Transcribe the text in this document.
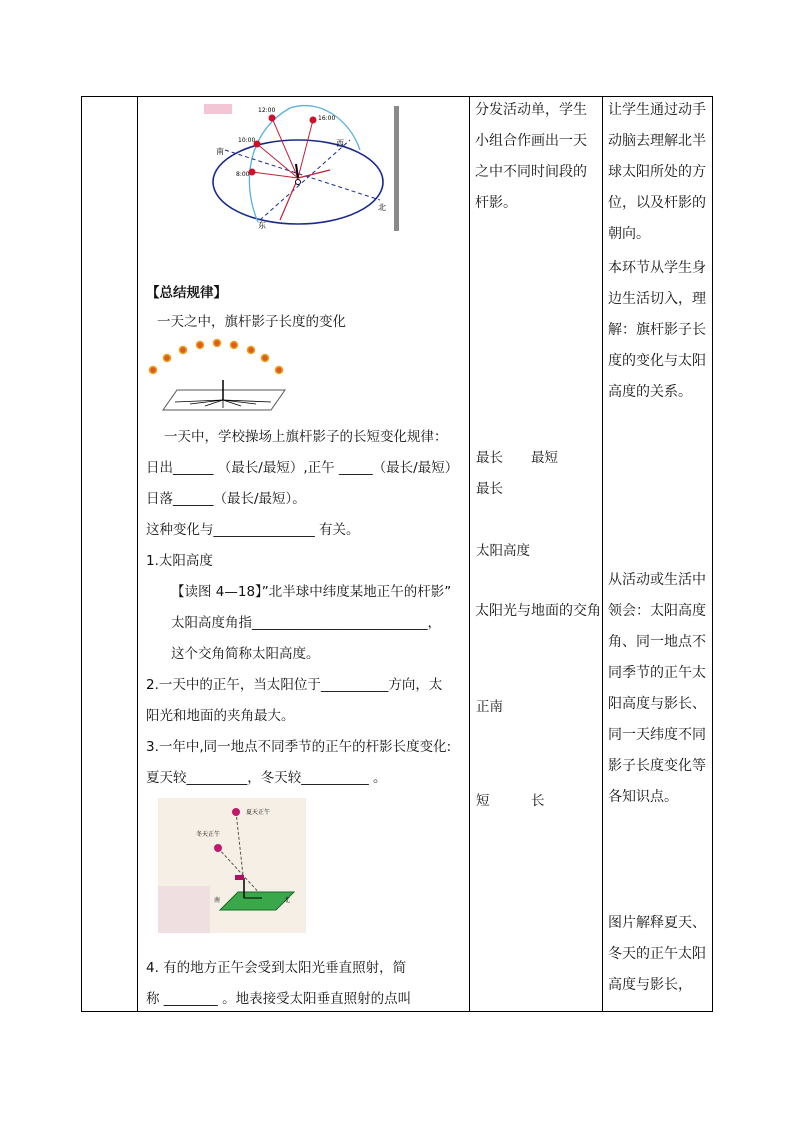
12:00
16:00
10:00
8:00
南
西
东
北
【总结规律】
一天之中，旗杆影子长度的变化
一天中，学校操场上旗杆影子的长短变化规律：
日出______ （最长/最短）,正午 _____（最长/最短）
日落______（最长/最短）。
这种变化与_______________ 有关。
1.太阳高度
【读图 4—18】”北半球中纬度某地正午的杆影”
太阳高度角指__________________________，
这个交角简称太阳高度。
2.一天中的正午，当太阳位于__________方向，太
阳光和地面的夹角最大。
3.一年中,同一地点不同季节的正午的杆影长度变化:
夏天较_________，冬天较__________ 。
夏天正午
冬天正午
南	北
4. 有的地方正午会受到太阳光垂直照射，简
称 ________ 。地表接受太阳垂直照射的点叫
分发活动单，学生小组合作画出一天之中不同时间段的杆影。
最长 最短
最长
太阳高度
太阳光与地面的交角
正南
短	长
让学生通过动手动脑去理解北半球太阳所处的方位，以及杆影的朝向。
本环节从学生身边生活切入，理解：旗杆影子长度的变化与太阳高度的关系。
从活动或生活中领会：太阳高度角、同一地点不同季节的正午太阳高度与影长、同一天纬度不同影子长度变化等各知识点。
图片解释夏天、冬天的正午太阳高度与影长，
